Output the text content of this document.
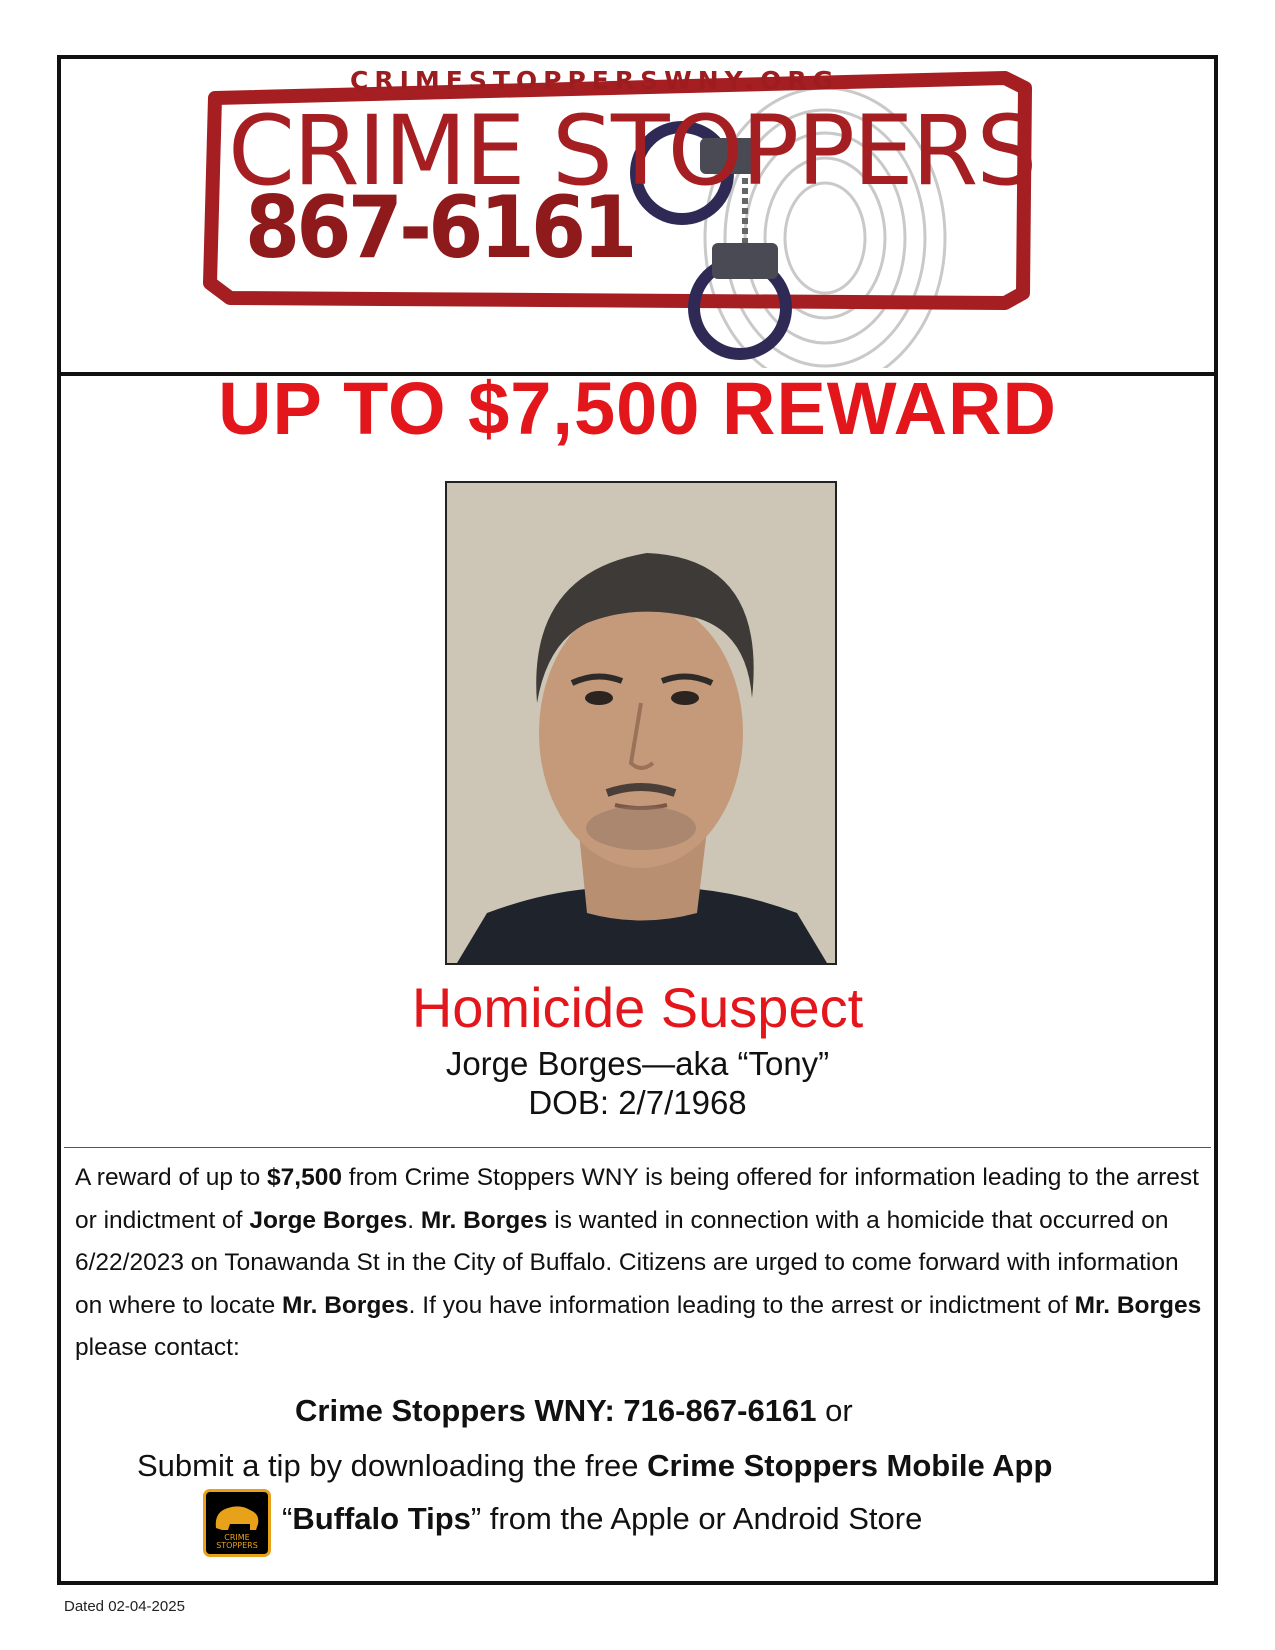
CRIMESTOPPERSWNY.ORG
CRIME STOPPERS
867-6161
UP TO $7,500 REWARD
Homicide Suspect
Jorge Borges—aka “Tony”
DOB: 2/7/1968
A reward of up to $7,500 from Crime Stoppers WNY is being offered for information leading to the arrest or indictment of Jorge Borges. Mr. Borges is wanted in connection with a homicide that occurred on 6/22/2023 on Tonawanda St in the City of Buffalo. Citizens are urged to come forward with information on where to locate Mr. Borges. If you have information leading to the arrest or indictment of Mr. Borges please contact:
Crime Stoppers WNY: 716-867-6161 or
Submit a tip by downloading the free Crime Stoppers Mobile App
CRIME
STOPPERS
“Buffalo Tips” from the Apple or Android Store
Dated 02-04-2025
